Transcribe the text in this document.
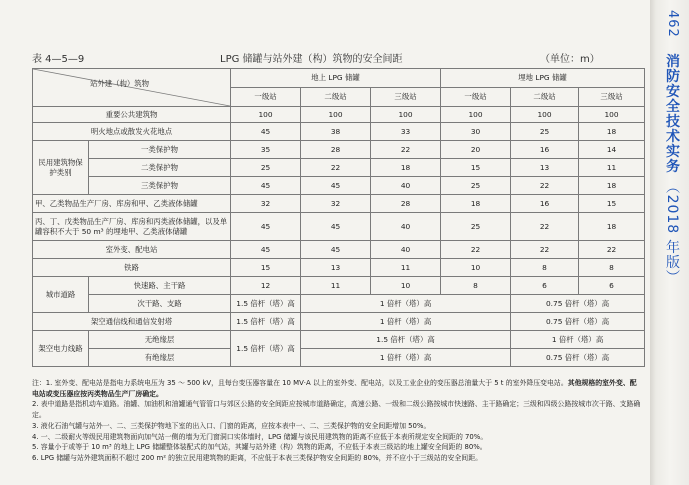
表 4—5—9	LPG 储罐与站外建（构）筑物的安全间距	（单位：m）
站外建（构）筑物		地上 LPG 储罐			埋地 LPG 储罐		
		一级站	二级站	三级站	一级站	二级站	三级站
重要公共建筑物		100	100	100	100	100	100
明火地点或散发火花地点		45	38	33	30	25	18
民用建筑物保护类别	一类保护物	35	28	22	20	16	14
	二类保护物	25	22	18	15	13	11
	三类保护物	45	45	40	25	22	18
甲、乙类物品生产厂房、库房和甲、乙类液体储罐		32	32	28	18	16	15
丙、丁、戊类物品生产厂房、库房和丙类液体储罐，以及单罐容积不大于 50 m³ 的埋地甲、乙类液体储罐		45	45	40	25	22	18
室外变、配电站		45	45	40	22	22	22
铁路		15	13	11	10	8	8
城市道路	快速路、主干路	12	11	10	8	6	6
	次干路、支路	1.5 倍杆（塔）高	1 倍杆（塔）高			0.75 倍杆（塔）高	
架空通信线和通信发射塔		1.5 倍杆（塔）高	1 倍杆（塔）高			0.75 倍杆（塔）高	
架空电力线路	无绝缘层	1.5 倍杆（塔）高	1.5 倍杆（塔）高			1 倍杆（塔）高	
	有绝缘层		1 倍杆（塔）高			0.75 倍杆（塔）高	

注：1. 室外变、配电站是指电力系统电压为 35 ～ 500 kV，且每台变压器容量在 10 MV·A 以上的室外变、配电站，以及工业企业的变压器总油量大于 5 t 的室外降压变电站。其他规格的室外变、配电站或变压器应按丙类物品生产厂房确定。

2. 表中道路是指机动车道路。油罐、加油机和油罐通气管管口与郊区公路的安全间距应按城市道路确定，高速公路、一级和二级公路按城市快速路、主干路确定；三级和四级公路按城市次干路、支路确定。

3. 液化石油气罐与站外一、二、三类保护物地下室的出入口、门窗的距离，应按本表中一、二、三类保护物的安全间距增加 50%。

4. 一、二级耐火等级民用建筑物面向加气站一侧的墙为无门窗洞口实体墙时，LPG 储罐与该民用建筑物的距离不应低于本表所规定安全间距的 70%。

5. 容量小于或等于 10 m³ 的地上 LPG 储罐整体装配式的加气站，其罐与站外建（构）筑物的距离，不应低于本表三级站的地上罐安全间距的 80%。

6. LPG 储罐与站外建筑面积不超过 200 m² 的独立民用建筑物的距离，不应低于本表三类保护物安全间距的 80%，并不应小于三级站的安全间距。

462 消防安全技术实务 （2018 年版）
